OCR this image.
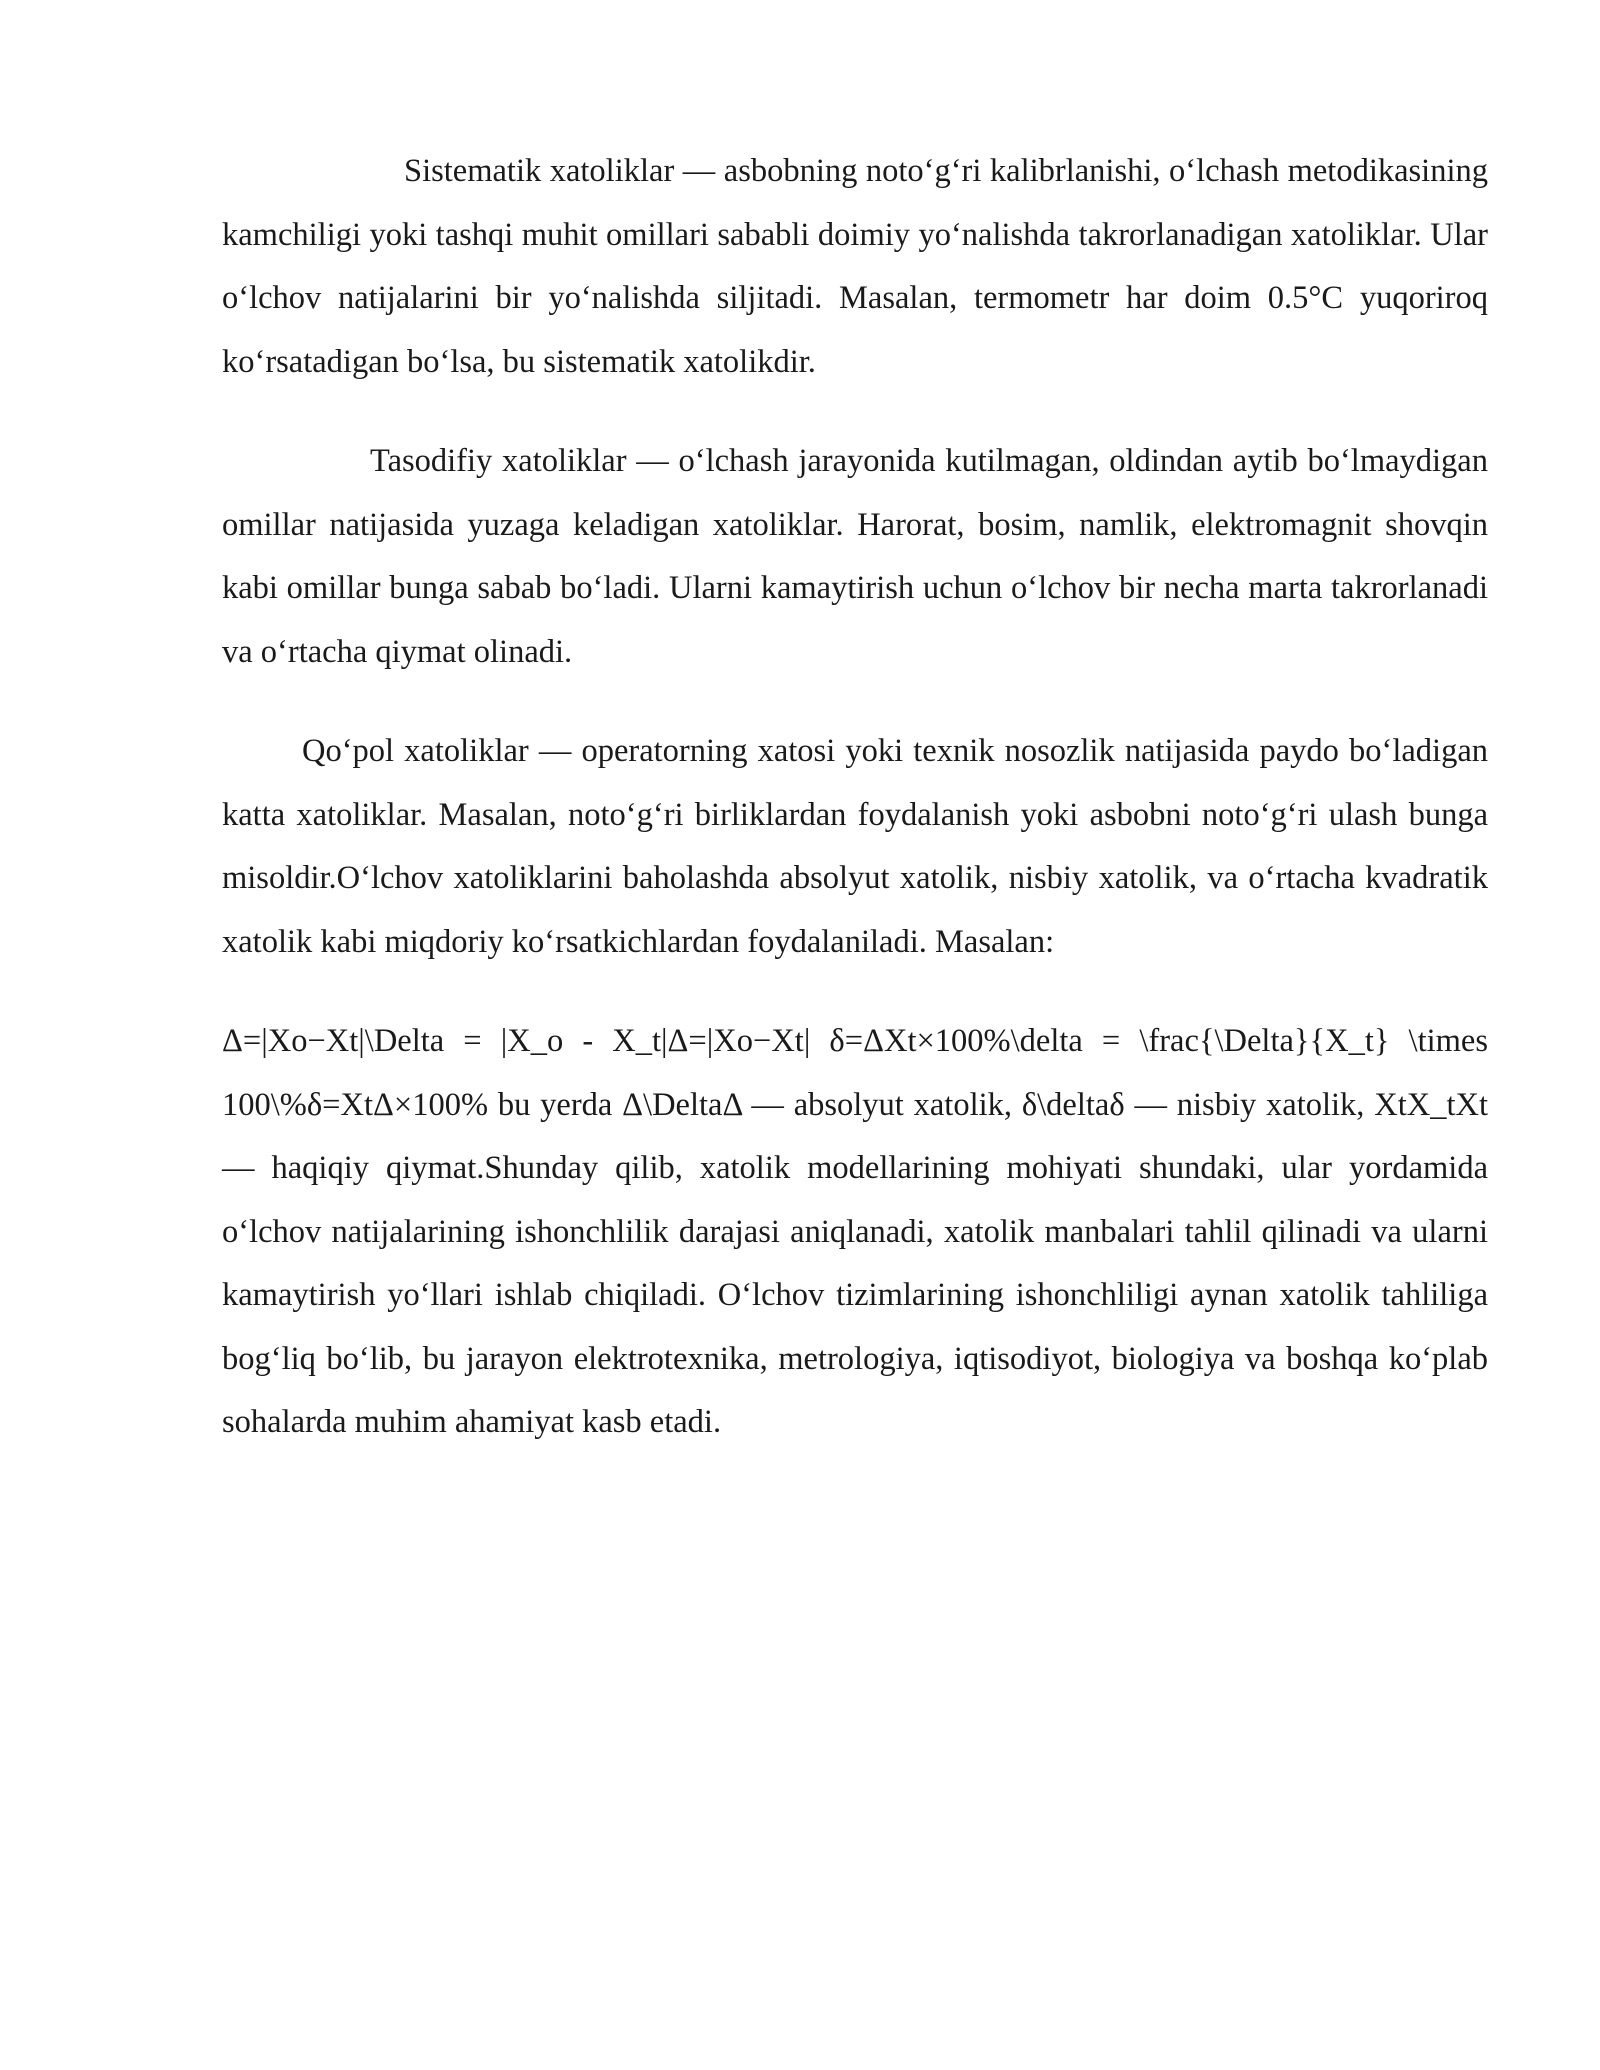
Sistematik xatoliklar — asbobning noto‘g‘ri kalibrlanishi, o‘lchash metodikasining kamchiligi yoki tashqi muhit omillari sababli doimiy yo‘nalishda takrorlanadigan xatoliklar. Ular o‘lchov natijalarini bir yo‘nalishda siljitadi. Masalan, termometr har doim 0.5°C yuqoriroq ko‘rsatadigan bo‘lsa, bu sistematik xatolikdir.

Tasodifiy xatoliklar — o‘lchash jarayonida kutilmagan, oldindan aytib bo‘lmaydigan omillar natijasida yuzaga keladigan xatoliklar. Harorat, bosim, namlik, elektromagnit shovqin kabi omillar bunga sabab bo‘ladi. Ularni kamaytirish uchun o‘lchov bir necha marta takrorlanadi va o‘rtacha qiymat olinadi.

Qo‘pol xatoliklar — operatorning xatosi yoki texnik nosozlik natijasida paydo bo‘ladigan katta xatoliklar. Masalan, noto‘g‘ri birliklardan foydalanish yoki asbobni noto‘g‘ri ulash bunga misoldir.O‘lchov xatoliklarini baholashda absolyut xatolik, nisbiy xatolik, va o‘rtacha kvadratik xatolik kabi miqdoriy ko‘rsatkichlardan foydalaniladi. Masalan:

Δ=|Xo−Xt|\Delta = |X_o - X_t|Δ=|Xo−Xt| δ=ΔXt×100%\delta = \frac{\Delta}{X_t} \times 100\%δ=XtΔ×100% bu yerda Δ\DeltaΔ — absolyut xatolik, δ\deltaδ — nisbiy xatolik, XtX_tXt — haqiqiy qiymat.Shunday qilib, xatolik modellarining mohiyati shundaki, ular yordamida o‘lchov natijalarining ishonchlilik darajasi aniqlanadi, xatolik manbalari tahlil qilinadi va ularni kamaytirish yo‘llari ishlab chiqiladi. O‘lchov tizimlarining ishonchliligi aynan xatolik tahliliga bog‘liq bo‘lib, bu jarayon elektrotexnika, metrologiya, iqtisodiyot, biologiya va boshqa ko‘plab sohalarda muhim ahamiyat kasb etadi.
